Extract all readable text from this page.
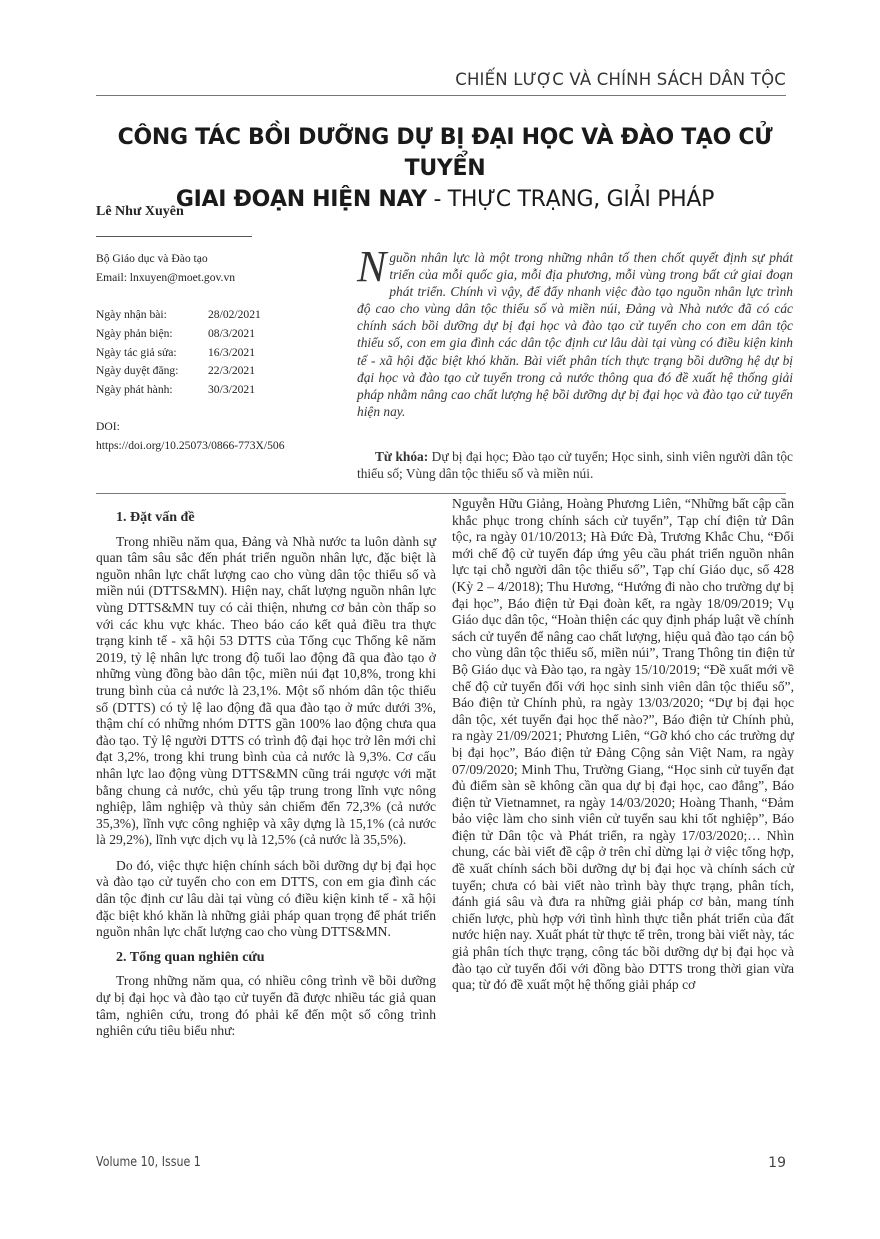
CHIẾN LƯỢC VÀ CHÍNH SÁCH DÂN TỘC
CÔNG TÁC BỒI DƯỠNG DỰ BỊ ĐẠI HỌC VÀ ĐÀO TẠO CỬ TUYỂN
GIAI ĐOẠN HIỆN NAY - THỰC TRẠNG, GIẢI PHÁP
Lê Như Xuyên
Bộ Giáo dục và Đào tạo
Email: lnxuyen@moet.gov.vn
Ngày nhận bài:	28/02/2021
Ngày phản biện:	08/3/2021
Ngày tác giả sửa:	16/3/2021
Ngày duyệt đăng:	22/3/2021
Ngày phát hành:	30/3/2021
DOI:
https://doi.org/10.25073/0866-773X/506
Nguồn nhân lực là một trong những nhân tố then chốt quyết định sự phát triển của mỗi quốc gia, mỗi địa phương, mỗi vùng trong bất cứ giai đoạn phát triển. Chính vì vậy, để đẩy nhanh việc đào tạo nguồn nhân lực trình độ cao cho vùng dân tộc thiểu số và miền núi, Đảng và Nhà nước đã có các chính sách bồi dưỡng dự bị đại học và đào tạo cử tuyển cho con em dân tộc thiểu số, con em gia đình các dân tộc định cư lâu dài tại vùng có điều kiện kinh tế - xã hội đặc biệt khó khăn. Bài viết phân tích thực trạng bồi dưỡng hệ dự bị đại học và đào tạo cử tuyển trong cả nước thông qua đó đề xuất hệ thống giải pháp nhằm nâng cao chất lượng hệ bồi dưỡng dự bị đại học và đào tạo cử tuyển hiện nay.
Từ khóa: Dự bị đại học; Đào tạo cử tuyển; Học sinh, sinh viên người dân tộc thiểu số; Vùng dân tộc thiểu số và miền núi.

1. Đặt vấn đề

Trong nhiều năm qua, Đảng và Nhà nước ta luôn dành sự quan tâm sâu sắc đến phát triển nguồn nhân lực, đặc biệt là nguồn nhân lực chất lượng cao cho vùng dân tộc thiểu số và miền núi (DTTS&MN). Hiện nay, chất lượng nguồn nhân lực vùng DTTS&MN tuy có cải thiện, nhưng cơ bản còn thấp so với các khu vực khác. Theo báo cáo kết quả điều tra thực trạng kinh tế - xã hội 53 DTTS của Tổng cục Thống kê năm 2019, tỷ lệ nhân lực trong độ tuổi lao động đã qua đào tạo ở những vùng đồng bào dân tộc, miền núi đạt 10,8%, trong khi trung bình của cả nước là 23,1%. Một số nhóm dân tộc thiểu số (DTTS) có tỷ lệ lao động đã qua đào tạo ở mức dưới 3%, thậm chí có những nhóm DTTS gần 100% lao động chưa qua đào tạo. Tỷ lệ người DTTS có trình độ đại học trở lên mới chỉ đạt 3,2%, trong khi trung bình của cả nước là 9,3%. Cơ cấu nhân lực lao động vùng DTTS&MN cũng trái ngược với mặt bằng chung cả nước, chủ yếu tập trung trong lĩnh vực nông nghiệp, lâm nghiệp và thủy sản chiếm đến 72,3% (cả nước 35,3%), lĩnh vực công nghiệp và xây dựng là 15,1% (cả nước là 29,2%), lĩnh vực dịch vụ là 12,5% (cả nước là 35,5%).

Do đó, việc thực hiện chính sách bồi dưỡng dự bị đại học và đào tạo cử tuyển cho con em DTTS, con em gia đình các dân tộc định cư lâu dài tại vùng có điều kiện kinh tế - xã hội đặc biệt khó khăn là những giải pháp quan trọng để phát triển nguồn nhân lực chất lượng cao cho vùng DTTS&MN.

2. Tổng quan nghiên cứu

Trong những năm qua, có nhiều công trình về bồi dưỡng dự bị đại học và đào tạo cử tuyển đã được nhiều tác giả quan tâm, nghiên cứu, trong đó phải kể đến một số công trình nghiên cứu tiêu biểu như:

Nguyễn Hữu Giảng, Hoàng Phương Liên, “Những bất cập cần khắc phục trong chính sách cử tuyển”, Tạp chí điện tử Dân tộc, ra ngày 01/10/2013; Hà Đức Đà, Trương Khắc Chu, “Đổi mới chế độ cử tuyển đáp ứng yêu cầu phát triển nguồn nhân lực tại chỗ người dân tộc thiểu số”, Tạp chí Giáo dục, số 428 (Kỳ 2 – 4/2018); Thu Hương, “Hướng đi nào cho trường dự bị đại học”, Báo điện tử Đại đoàn kết, ra ngày 18/09/2019; Vụ Giáo dục dân tộc, “Hoàn thiện các quy định pháp luật về chính sách cử tuyển để nâng cao chất lượng, hiệu quả đào tạo cán bộ cho vùng dân tộc thiểu số, miền núi”, Trang Thông tin điện tử Bộ Giáo dục và Đào tạo, ra ngày 15/10/2019; “Đề xuất mới về chế độ cử tuyển đối với học sinh sinh viên dân tộc thiểu số”, Báo điện tử Chính phủ, ra ngày 13/03/2020; “Dự bị đại học dân tộc, xét tuyển đại học thế nào?”, Báo điện tử Chính phủ, ra ngày 21/09/2021; Phương Liên, “Gỡ khó cho các trường dự bị đại học”, Báo điện tử Đảng Cộng sản Việt Nam, ra ngày 07/09/2020; Minh Thu, Trường Giang, “Học sinh cử tuyển đạt đủ điểm sàn sẽ không cần qua dự bị đại học, cao đẳng”, Báo điện tử Vietnamnet, ra ngày 14/03/2020; Hoàng Thanh, “Đảm bảo việc làm cho sinh viên cử tuyển sau khi tốt nghiệp”, Báo điện tử Dân tộc và Phát triển, ra ngày 17/03/2020;… Nhìn chung, các bài viết đề cập ở trên chỉ dừng lại ở việc tổng hợp, đề xuất chính sách bồi dưỡng dự bị đại học và chính sách cử tuyển; chưa có bài viết nào trình bày thực trạng, phân tích, đánh giá sâu và đưa ra những giải pháp cơ bản, mang tính chiến lược, phù hợp với tình hình thực tiễn phát triển của đất nước hiện nay. Xuất phát từ thực tế trên, trong bài viết này, tác giả phân tích thực trạng, công tác bồi dưỡng dự bị đại học và đào tạo cử tuyển đối với đồng bào DTTS trong thời gian vừa qua; từ đó đề xuất một hệ thống giải pháp cơ

Volume 10, Issue 1	19
